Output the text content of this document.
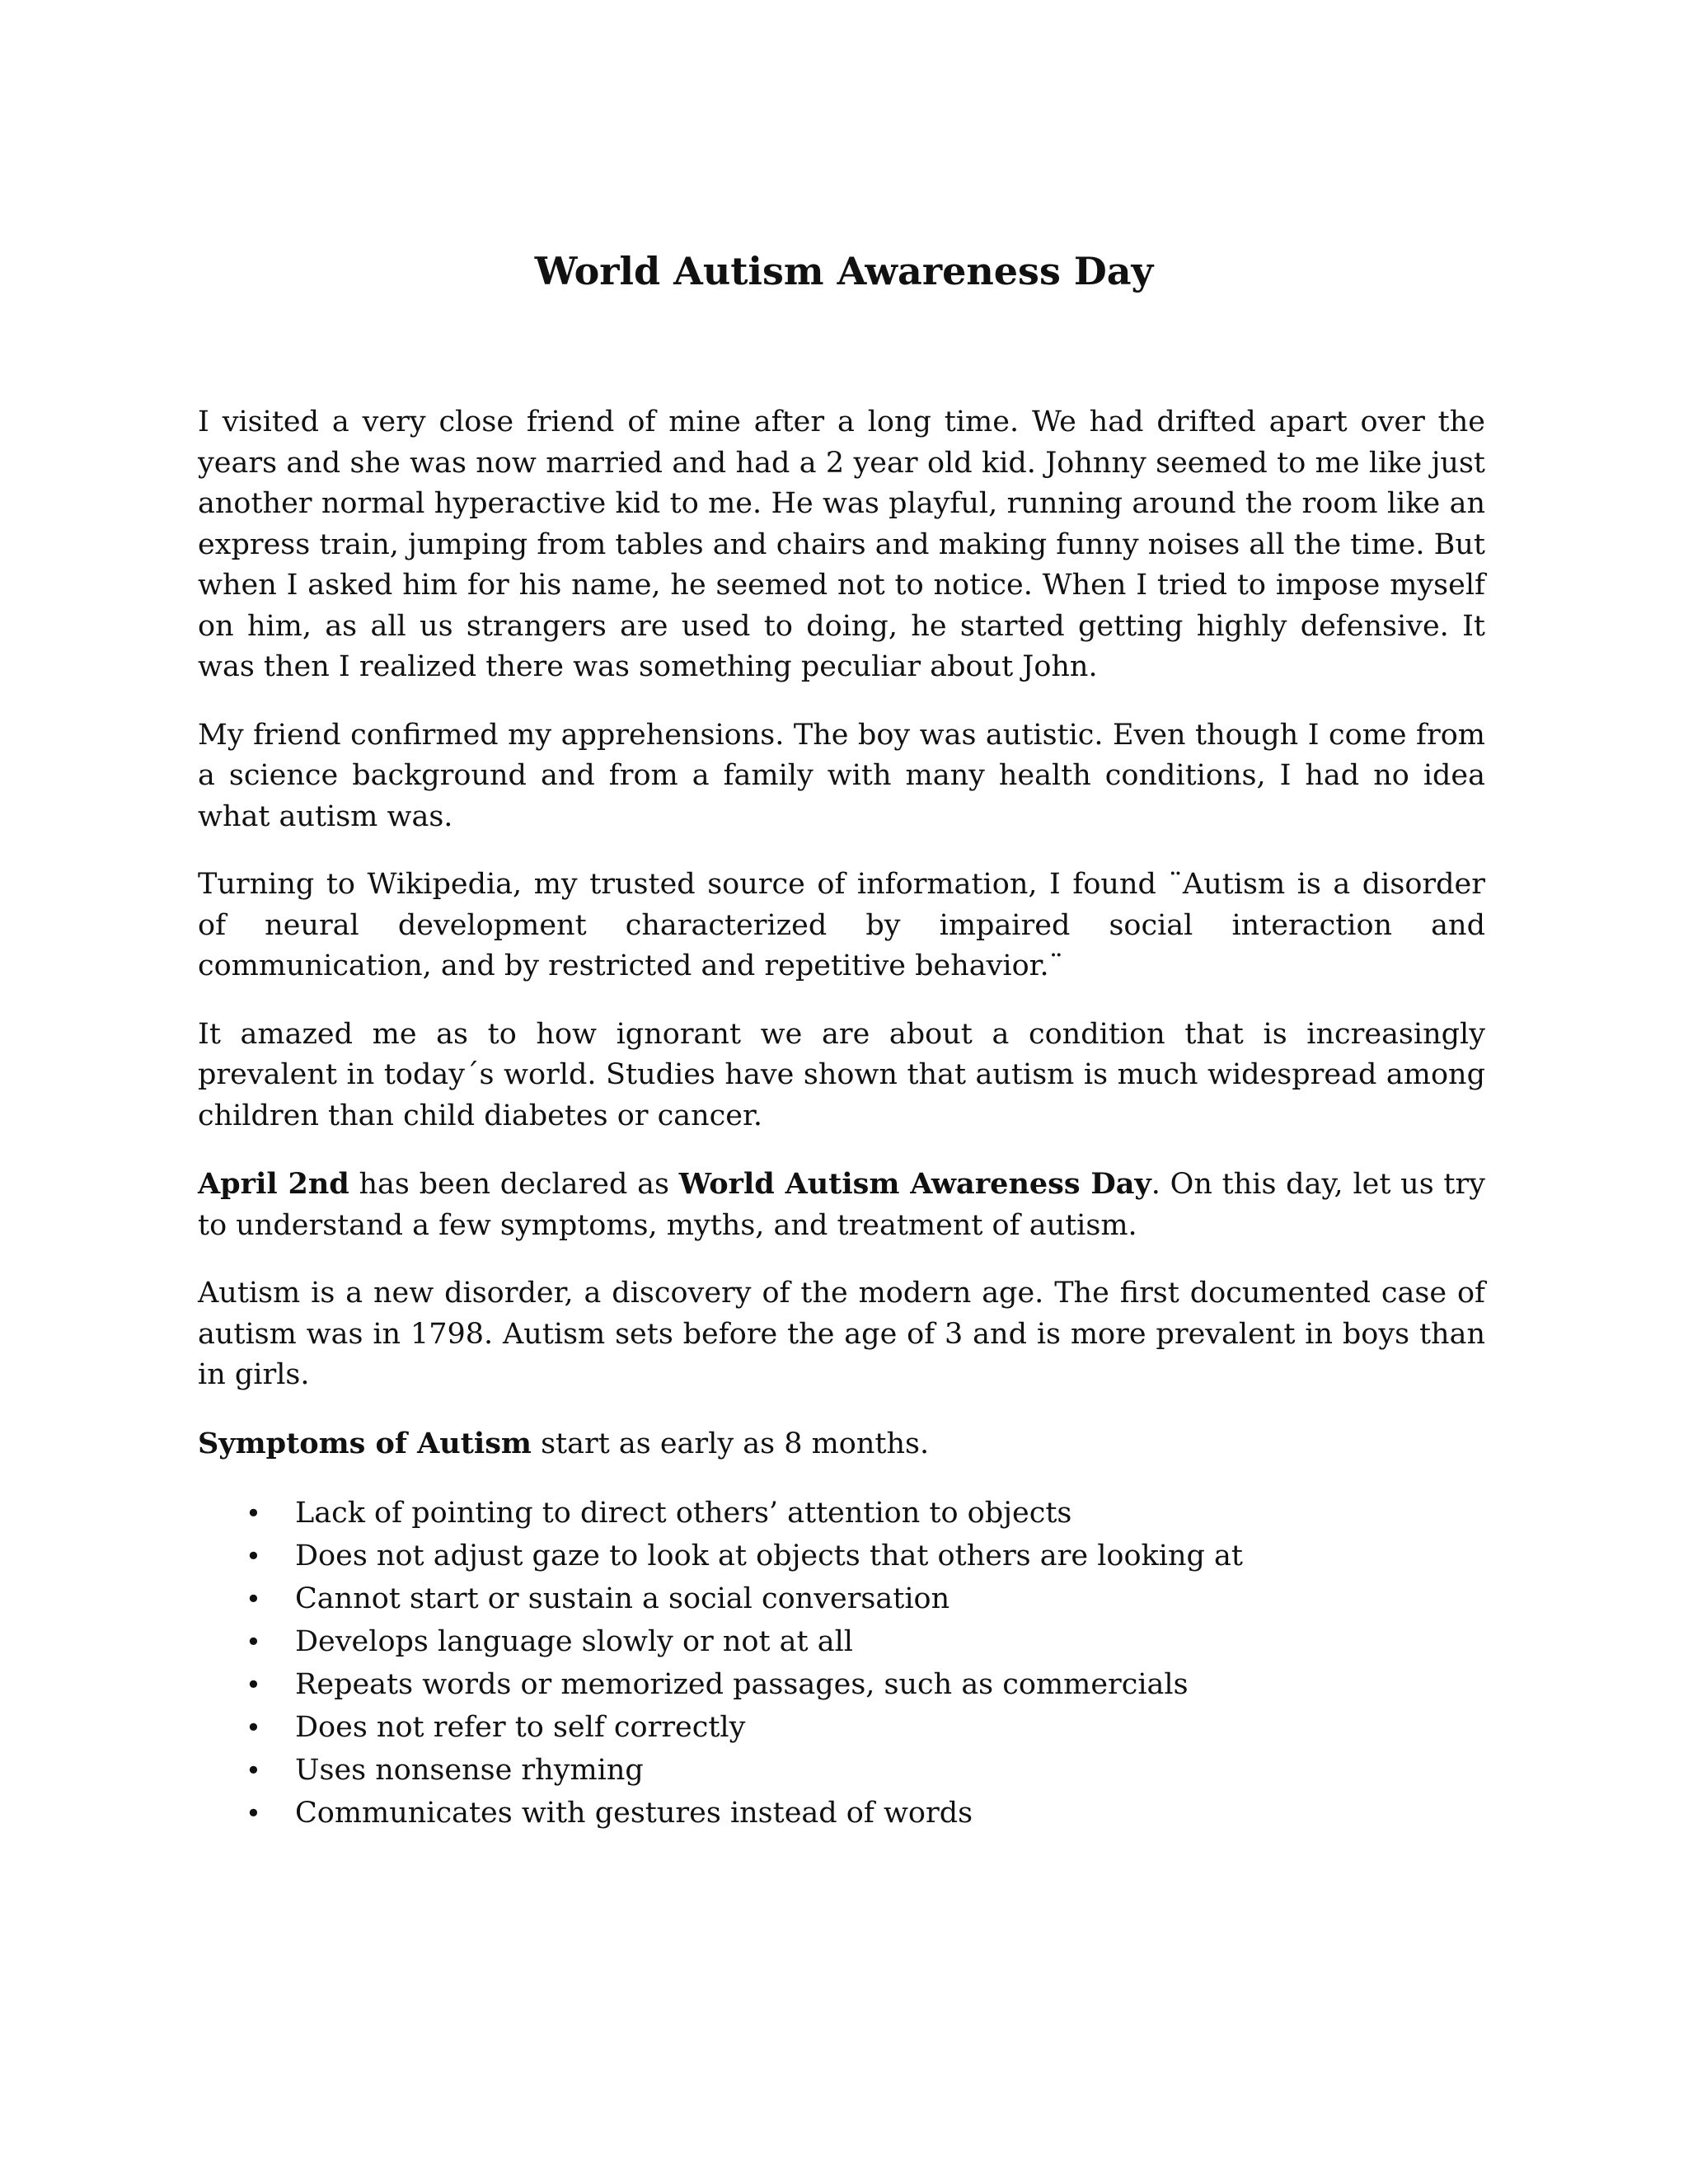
World Autism Awareness Day

I visited a very close friend of mine after a long time. We had drifted apart over the years and she was now married and had a 2 year old kid. Johnny seemed to me like just another normal hyperactive kid to me. He was playful, running around the room like an express train, jumping from tables and chairs and making funny noises all the time. But when I asked him for his name, he seemed not to notice. When I tried to impose myself on him, as all us strangers are used to doing, he started getting highly defensive. It was then I realized there was something peculiar about John.

My friend confirmed my apprehensions. The boy was autistic. Even though I come from a science background and from a family with many health conditions, I had no idea what autism was.

Turning to Wikipedia, my trusted source of information, I found ¨Autism is a disorder of neural development characterized by impaired social interaction and communication, and by restricted and repetitive behavior.¨

It amazed me as to how ignorant we are about a condition that is increasingly prevalent in today´s world. Studies have shown that autism is much widespread among children than child diabetes or cancer.

April 2nd has been declared as World Autism Awareness Day. On this day, let us try to understand a few symptoms, myths, and treatment of autism.

Autism is a new disorder, a discovery of the modern age. The first documented case of autism was in 1798. Autism sets before the age of 3 and is more prevalent in boys than in girls.

Symptoms of Autism start as early as 8 months.

• Lack of pointing to direct others’ attention to objects
• Does not adjust gaze to look at objects that others are looking at
• Cannot start or sustain a social conversation
• Develops language slowly or not at all
• Repeats words or memorized passages, such as commercials
• Does not refer to self correctly
• Uses nonsense rhyming
• Communicates with gestures instead of words
